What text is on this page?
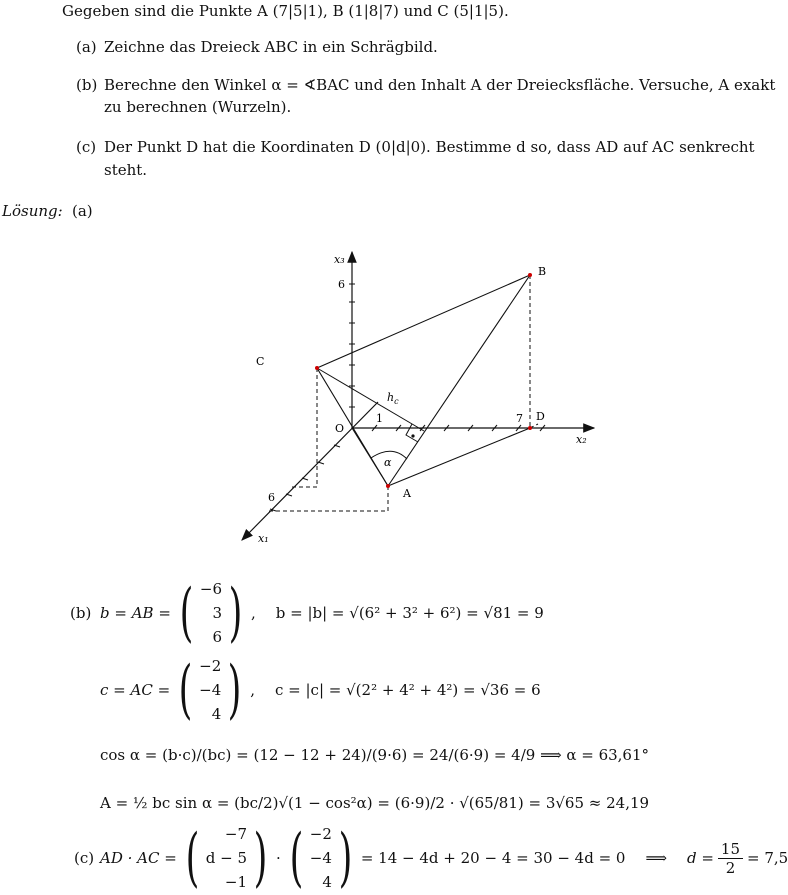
Gegeben sind die Punkte A (7|5|1), B (1|8|7) und C (5|1|5).
(a) Zeichne das Dreieck ABC in ein Schrägbild.
(b) Berechne den Winkel α = ∢BAC und den Inhalt A der Dreiecksfläche. Versuche, A exakt
zu berechnen (Wurzeln).
(c) Der Punkt D hat die Koordinaten D (0|d|0). Bestimme d so, dass AD auf AC senkrecht
steht.
Lösung: (a)
x₃
x₂
x₁
6
1	7
6
O
A
B
C
D
$h_c$
α
(b) b = AB = ( −6
3
6 ) , b = |b| = √(6² + 3² + 6²) = √81 = 9
c = AC = ( −2
−4
4 ) , c = |c| = √(2² + 4² + 4²) = √36 = 6
cos α = (b·c)/(bc) = (12 − 12 + 24)/(9·6) = 24/(6·9) = 4/9 ⟹ α = 63,61°
A = ½ bc sin α = (bc/2)√(1 − cos²α) = (6·9)/2 · √(65/81) = 3√65 ≈ 24,19
(c) AD · AC = ( −7
d − 5
−1 ) · ( −2
−4
4 ) = 14 − 4d + 20 − 4 = 30 − 4d = 0 ⟹ $d = \frac{15}{2} = 7,5$
